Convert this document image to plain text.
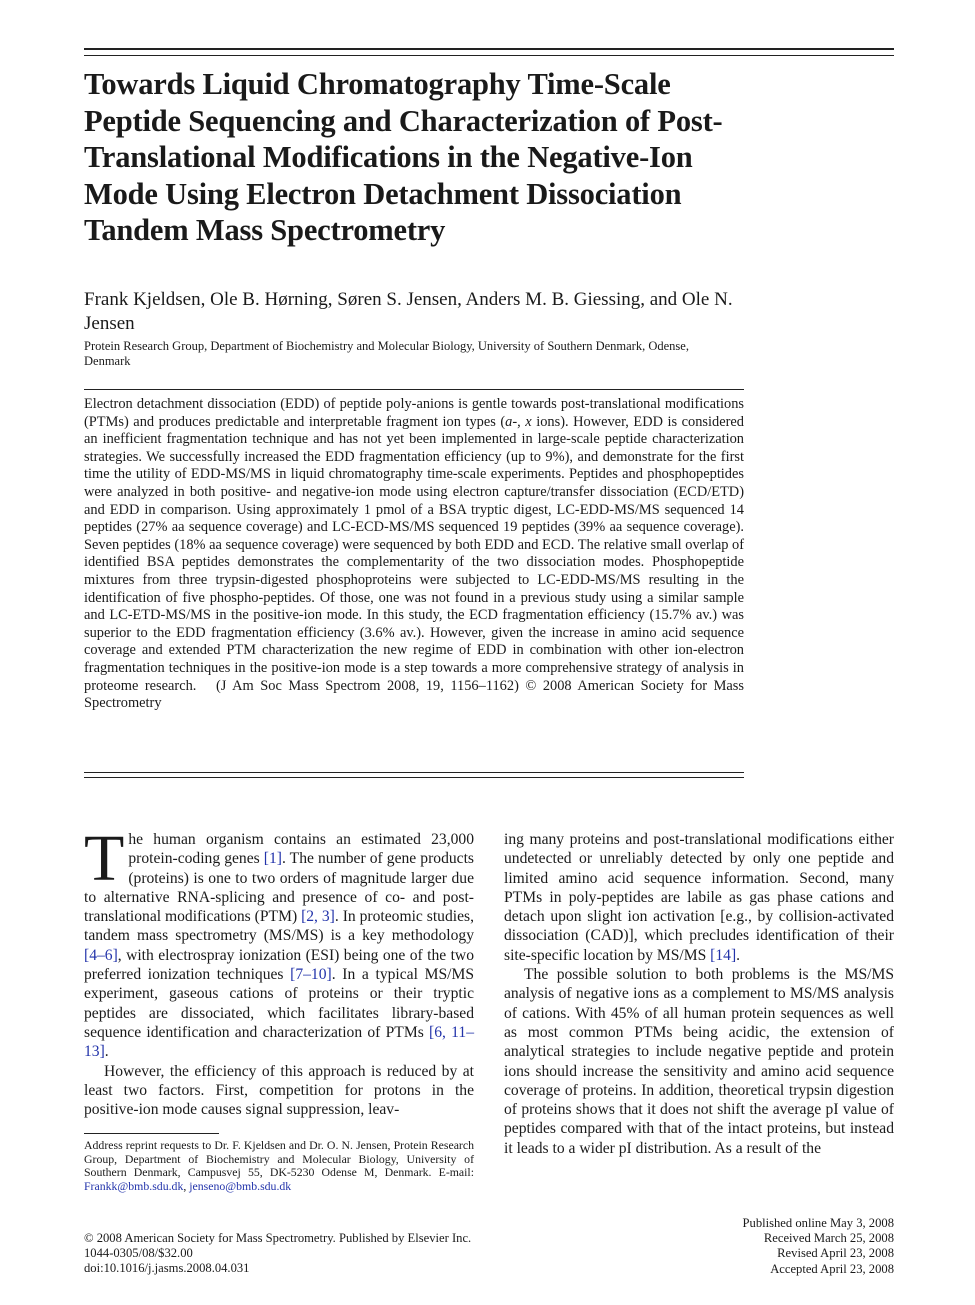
Towards Liquid Chromatography Time-Scale Peptide Sequencing and Characterization of Post-Translational Modifications in the Negative-Ion Mode Using Electron Detachment Dissociation Tandem Mass Spectrometry
Frank Kjeldsen, Ole B. Hørning, Søren S. Jensen, Anders M. B. Giessing, and Ole N. Jensen
Protein Research Group, Department of Biochemistry and Molecular Biology, University of Southern Denmark, Odense, Denmark

Electron detachment dissociation (EDD) of peptide poly-anions is gentle towards post-translational modifications (PTMs) and produces predictable and interpretable fragment ion types (a-, x ions). However, EDD is considered an inefficient fragmentation technique and has not yet been implemented in large-scale peptide characterization strategies. We successfully increased the EDD fragmentation efficiency (up to 9%), and demonstrate for the first time the utility of EDD-MS/MS in liquid chromatography time-scale experiments. Peptides and phosphopeptides were analyzed in both positive- and negative-ion mode using electron capture/transfer dissociation (ECD/ETD) and EDD in comparison. Using approximately 1 pmol of a BSA tryptic digest, LC-EDD-MS/MS sequenced 14 peptides (27% aa sequence coverage) and LC-ECD-MS/MS sequenced 19 peptides (39% aa sequence coverage). Seven peptides (18% aa sequence coverage) were sequenced by both EDD and ECD. The relative small overlap of identified BSA peptides demonstrates the complementarity of the two dissociation modes. Phosphopeptide mixtures from three trypsin-digested phosphoproteins were subjected to LC-EDD-MS/MS resulting in the identification of five phospho-peptides. Of those, one was not found in a previous study using a similar sample and LC-ETD-MS/MS in the positive-ion mode. In this study, the ECD fragmentation efficiency (15.7% av.) was superior to the EDD fragmentation efficiency (3.6% av.). However, given the increase in amino acid sequence coverage and extended PTM characterization the new regime of EDD in combination with other ion-electron fragmentation techniques in the positive-ion mode is a step towards a more comprehensive strategy of analysis in proteome research. (J Am Soc Mass Spectrom 2008, 19, 1156–1162) © 2008 American Society for Mass Spectrometry

The human organism contains an estimated 23,000 protein-coding genes [1]. The number of gene products (proteins) is one to two orders of magnitude larger due to alternative RNA-splicing and presence of co- and post-translational modifications (PTM) [2, 3]. In proteomic studies, tandem mass spectrometry (MS/MS) is a key methodology [4–6], with electrospray ionization (ESI) being one of the two preferred ionization techniques [7–10]. In a typical MS/MS experiment, gaseous cations of proteins or their tryptic peptides are dissociated, which facilitates library-based sequence identification and characterization of PTMs [6, 11–13].

However, the efficiency of this approach is reduced by at least two factors. First, competition for protons in the positive-ion mode causes signal suppression, leav-

ing many proteins and post-translational modifications either undetected or unreliably detected by only one peptide and limited amino acid sequence information. Second, many PTMs in poly-peptides are labile as gas phase cations and detach upon slight ion activation [e.g., by collision-activated dissociation (CAD)], which precludes identification of their site-specific location by MS/MS [14].

The possible solution to both problems is the MS/MS analysis of negative ions as a complement to MS/MS analysis of cations. With 45% of all human protein sequences as well as most common PTMs being acidic, the extension of analytical strategies to include negative peptide and protein ions should increase the sensitivity and amino acid sequence coverage of proteins. In addition, theoretical trypsin digestion of proteins shows that it does not shift the average pI value of peptides compared with that of the intact proteins, but instead it leads to a wider pI distribution. As a result of the

Address reprint requests to Dr. F. Kjeldsen and Dr. O. N. Jensen, Protein Research Group, Department of Biochemistry and Molecular Biology, University of Southern Denmark, Campusvej 55, DK-5230 Odense M, Denmark. E-mail: Frankk@bmb.sdu.dk, jenseno@bmb.sdu.dk
© 2008 American Society for Mass Spectrometry. Published by Elsevier Inc.
1044-0305/08/$32.00
doi:10.1016/j.jasms.2008.04.031
Published online May 3, 2008
Received March 25, 2008
Revised April 23, 2008
Accepted April 23, 2008
